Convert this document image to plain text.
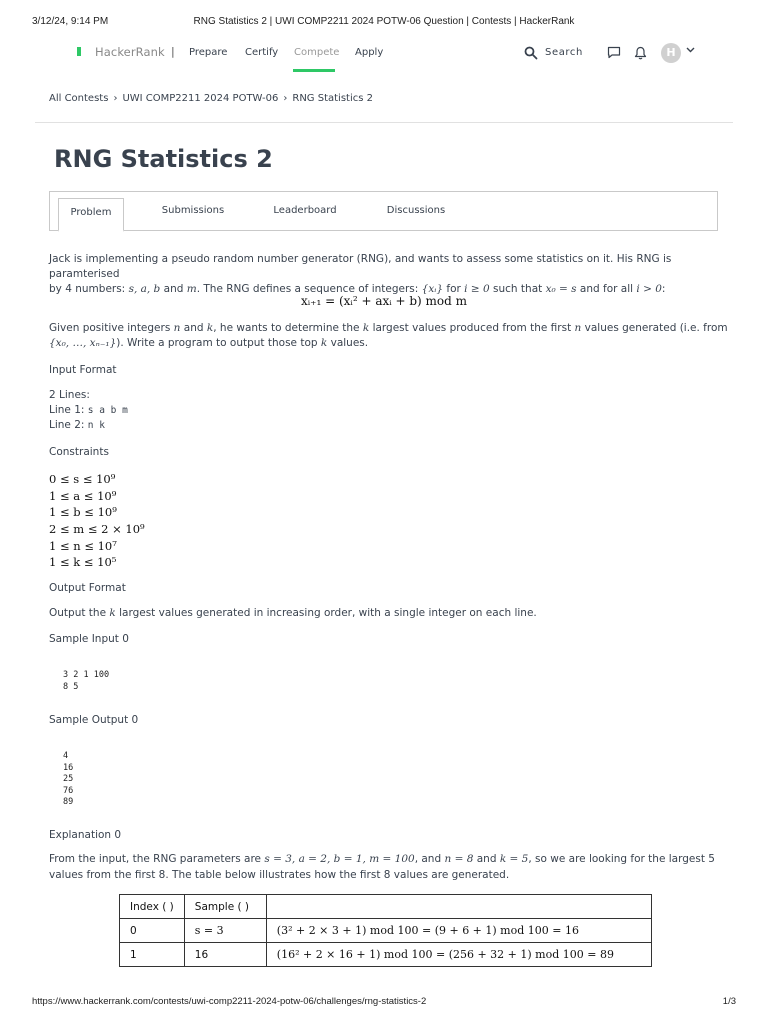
3/12/24, 9:14 PM	RNG Statistics 2 | UWI COMP2211 2024 POTW-06 Question | Contests | HackerRank
HackerRank | Prepare Certify Compete Apply	Search	H
All Contests › UWI COMP2211 2024 POTW-06 › RNG Statistics 2
RNG Statistics 2
Problem	Submissions	Leaderboard	Discussions
Jack is implementing a pseudo random number generator (RNG), and wants to assess some statistics on it. His RNG is paramterised
by 4 numbers: s, a, b and m. The RNG defines a sequence of integers: {xᵢ} for i ≥ 0 such that x₀ = s and for all i > 0:
xᵢ₊₁ = (xᵢ² + axᵢ + b) mod m
Given positive integers n and k, he wants to determine the k largest values produced from the first n values generated (i.e. from
{x₀, …, xₙ₋₁}). Write a program to output those top k values.
Input Format
2 Lines:
Line 1: s a b m
Line 2: n k
Constraints
0 ≤ s ≤ 10⁹
1 ≤ a ≤ 10⁹
1 ≤ b ≤ 10⁹
2 ≤ m ≤ 2 × 10⁹
1 ≤ n ≤ 10⁷
1 ≤ k ≤ 10⁵
Output Format
Output the k largest values generated in increasing order, with a single integer on each line.
Sample Input 0
3 2 1 100
8 5
Sample Output 0
4
16
25
76
89
Explanation 0
From the input, the RNG parameters are s = 3, a = 2, b = 1, m = 100, and n = 8 and k = 5, so we are looking for the largest 5
values from the first 8. The table below illustrates how the first 8 values are generated.
Index ( )	Sample ( )	
0	s = 3	(3² + 2 × 3 + 1) mod 100 = (9 + 6 + 1) mod 100 = 16
1	16	(16² + 2 × 16 + 1) mod 100 = (256 + 32 + 1) mod 100 = 89
https://www.hackerrank.com/contests/uwi-comp2211-2024-potw-06/challenges/rng-statistics-2	1/3
